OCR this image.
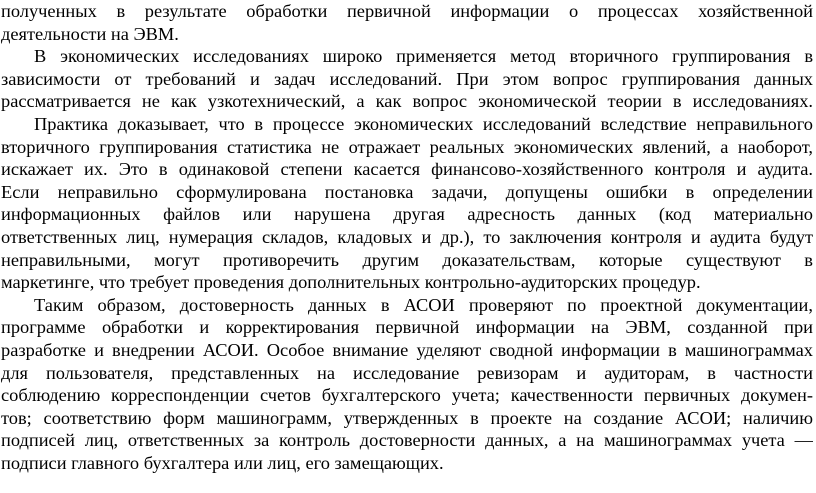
полученных в результате обработки первичной информации о процессах хозяйственной
деятельности на ЭВМ.
В экономических исследованиях широко применяется метод вторичного группирования в
зависимости от требований и задач исследований. При этом вопрос группирования данных
рассматривается не как узкотехнический, а как вопрос экономической теории в исследованиях.
Практика доказывает, что в процессе экономических исследований вследствие неправильного
вторичного группирования статистика не отражает реальных экономических явлений, а наоборот,
искажает их. Это в одинаковой степени касается финансово-хозяйственного контроля и аудита.
Если неправильно сформулирована постановка задачи, допущены ошибки в определении
информационных файлов или нарушена другая адресность данных (код материально
ответственных лиц, нумерация складов, кладовых и др.), то заключения контроля и аудита будут
неправильными, могут противоречить другим доказательствам, которые существуют в
маркетинге, что требует проведения дополнительных контрольно-аудиторских процедур.
Таким образом, достоверность данных в АСОИ проверяют по проектной документации,
программе обработки и корректирования первичной информации на ЭВМ, созданной при
разработке и внедрении АСОИ. Особое внимание уделяют сводной информации в машинограммах
для пользователя, представленных на исследование ревизорам и аудиторам, в частности
соблюдению корреспонденции счетов бухгалтерского учета; качественности первичных докумен-
тов; соответствию форм машинограмм, утвержденных в проекте на создание АСОИ; наличию
подписей лиц, ответственных за контроль достоверности данных, а на машинограммах учета —
подписи главного бухгалтера или лиц, его замещающих.
